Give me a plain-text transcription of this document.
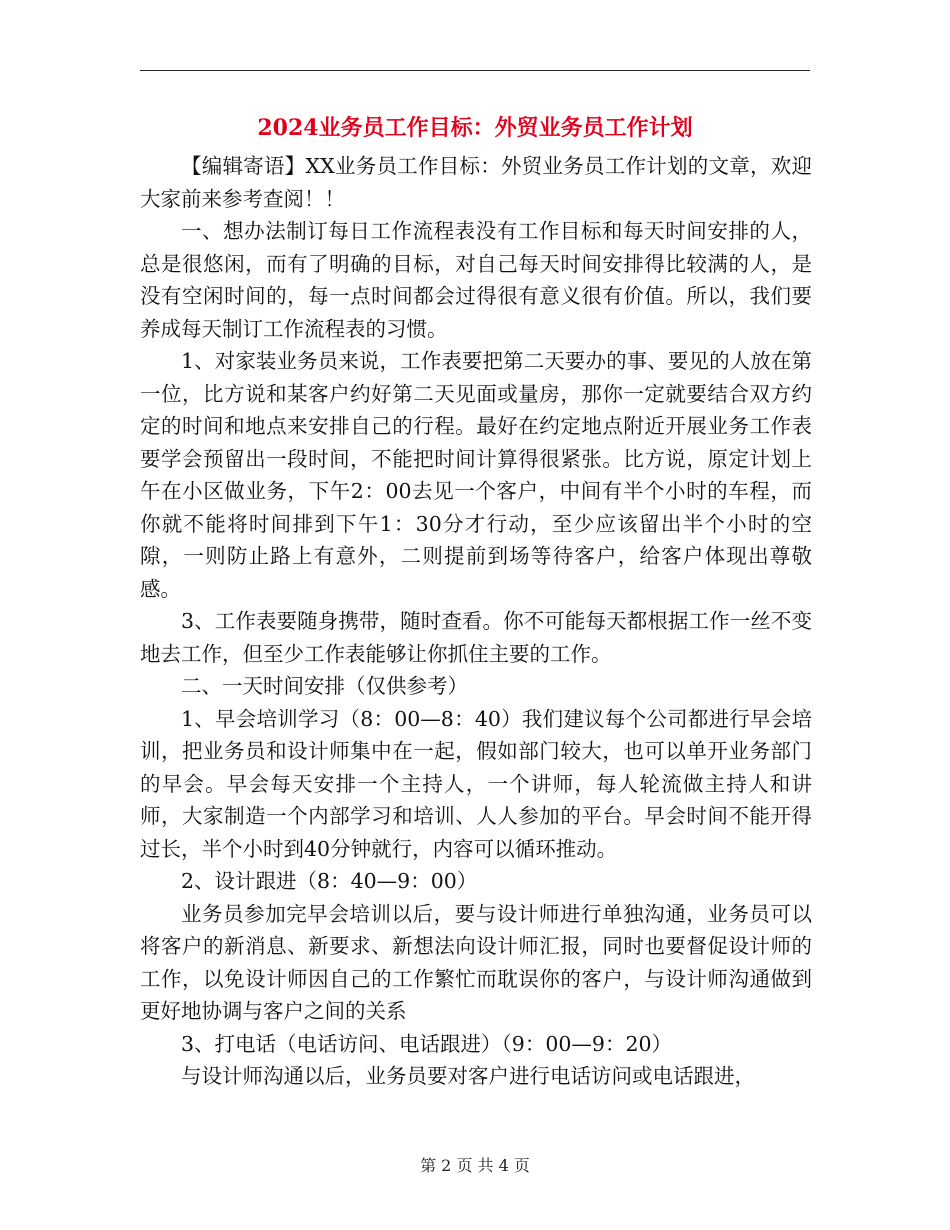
2024业务员工作目标：外贸业务员工作计划

【编辑寄语】XX业务员工作目标：外贸业务员工作计划的文章，欢迎大家前来参考查阅！！

一、想办法制订每日工作流程表没有工作目标和每天时间安排的人，总是很悠闲，而有了明确的目标，对自己每天时间安排得比较满的人，是没有空闲时间的，每一点时间都会过得很有意义很有价值。所以，我们要养成每天制订工作流程表的习惯。

1、对家装业务员来说，工作表要把第二天要办的事、要见的人放在第一位，比方说和某客户约好第二天见面或量房，那你一定就要结合双方约定的时间和地点来安排自己的行程。最好在约定地点附近开展业务工作表要学会预留出一段时间，不能把时间计算得很紧张。比方说，原定计划上午在小区做业务，下午2：00去见一个客户，中间有半个小时的车程，而你就不能将时间排到下午1：30分才行动，至少应该留出半个小时的空隙，一则防止路上有意外，二则提前到场等待客户，给客户体现出尊敬感。

3、工作表要随身携带，随时查看。你不可能每天都根据工作一丝不变地去工作，但至少工作表能够让你抓住主要的工作。

二、一天时间安排（仅供参考）

1、早会培训学习（8：00—8：40）我们建议每个公司都进行早会培训，把业务员和设计师集中在一起，假如部门较大，也可以单开业务部门的早会。早会每天安排一个主持人，一个讲师，每人轮流做主持人和讲师，大家制造一个内部学习和培训、人人参加的平台。早会时间不能开得过长，半个小时到40分钟就行，内容可以循环推动。

2、设计跟进（8：40—9：00）

业务员参加完早会培训以后，要与设计师进行单独沟通，业务员可以将客户的新消息、新要求、新想法向设计师汇报，同时也要督促设计师的工作，以免设计师因自己的工作繁忙而耽误你的客户，与设计师沟通做到更好地协调与客户之间的关系

3、打电话（电话访问、电话跟进）（9：00—9：20）

与设计师沟通以后，业务员要对客户进行电话访问或电话跟进，

第 2 页 共 4 页
